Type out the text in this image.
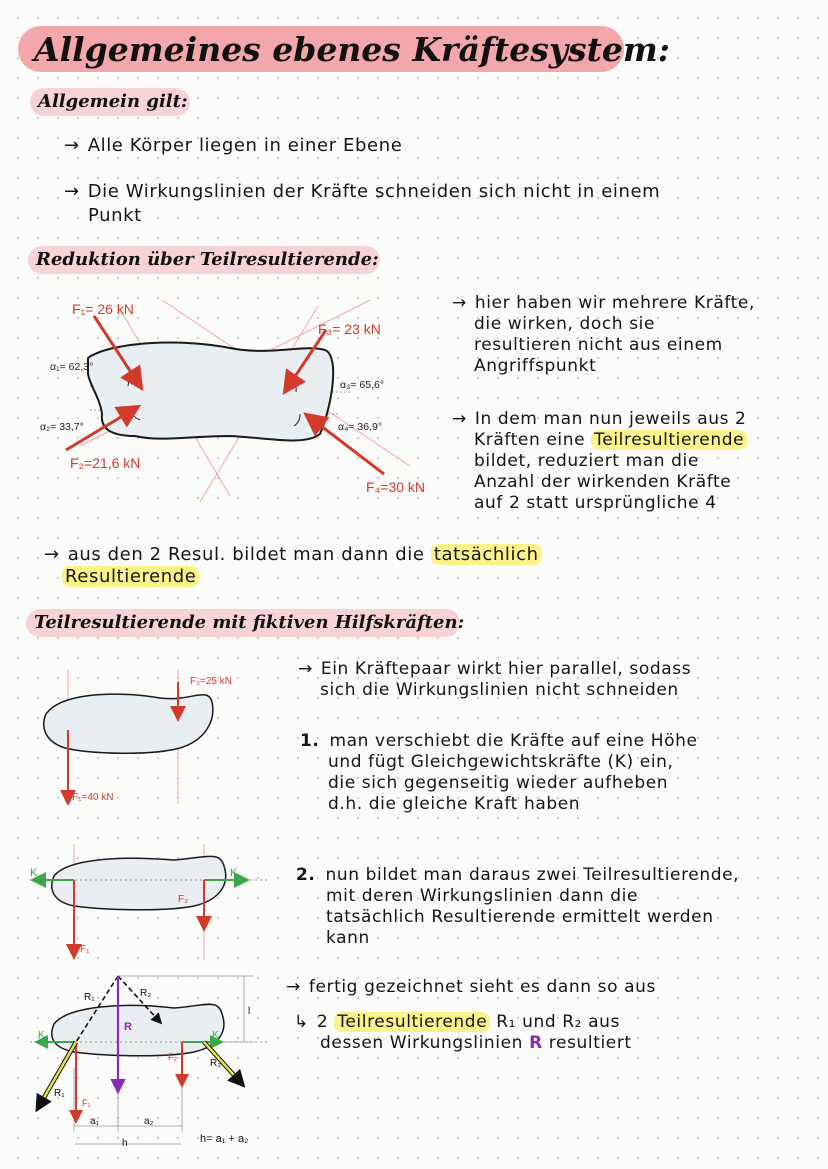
Allgemeines ebenes Kräftesystem:
Allgemein gilt:
→ Alle Körper liegen in einer Ebene
→ Die Wirkungslinien der Kräfte schneiden sich nicht in einem
Punkt
Reduktion über Teilresultierende:
F₁= 26 kN
F₂=21,6 kN
F₃= 23 kN
F₄=30 kN
α₁= 62,3°
α₂= 33,7°
α₃= 65,6°
α₄= 36,9°
→ hier haben wir mehrere Kräfte,
die wirken, doch sie
resultieren nicht aus einem
Angriffspunkt
→ In dem man nun jeweils aus 2
Kräften eine Teilresultierende
bildet, reduziert man die
Anzahl der wirkenden Kräfte
auf 2 statt ursprüngliche 4
→ aus den 2 Resul. bildet man dann die tatsächlich
Resultierende
Teilresultierende mit fiktiven Hilfskräften:
F₂=25 kN
F₁=40 kN
K	K
F₁
F₂
R₁	R₂
R
K	K
R₁
R₂
F₁
F₂
l
a₁	a₂
h	h= a₁ + a₂
→ Ein Kräftepaar wirkt hier parallel, sodass
sich die Wirkungslinien nicht schneiden
1. man verschiebt die Kräfte auf eine Höhe
und fügt Gleichgewichtskräfte (K) ein,
die sich gegenseitig wieder aufheben
d.h. die gleiche Kraft haben
2. nun bildet man daraus zwei Teilresultierende,
mit deren Wirkungslinien dann die
tatsächlich Resultierende ermittelt werden
kann
→ fertig gezeichnet sieht es dann so aus
↳ 2 Teilresultierende R₁ und R₂ aus
dessen Wirkungslinien R resultiert
